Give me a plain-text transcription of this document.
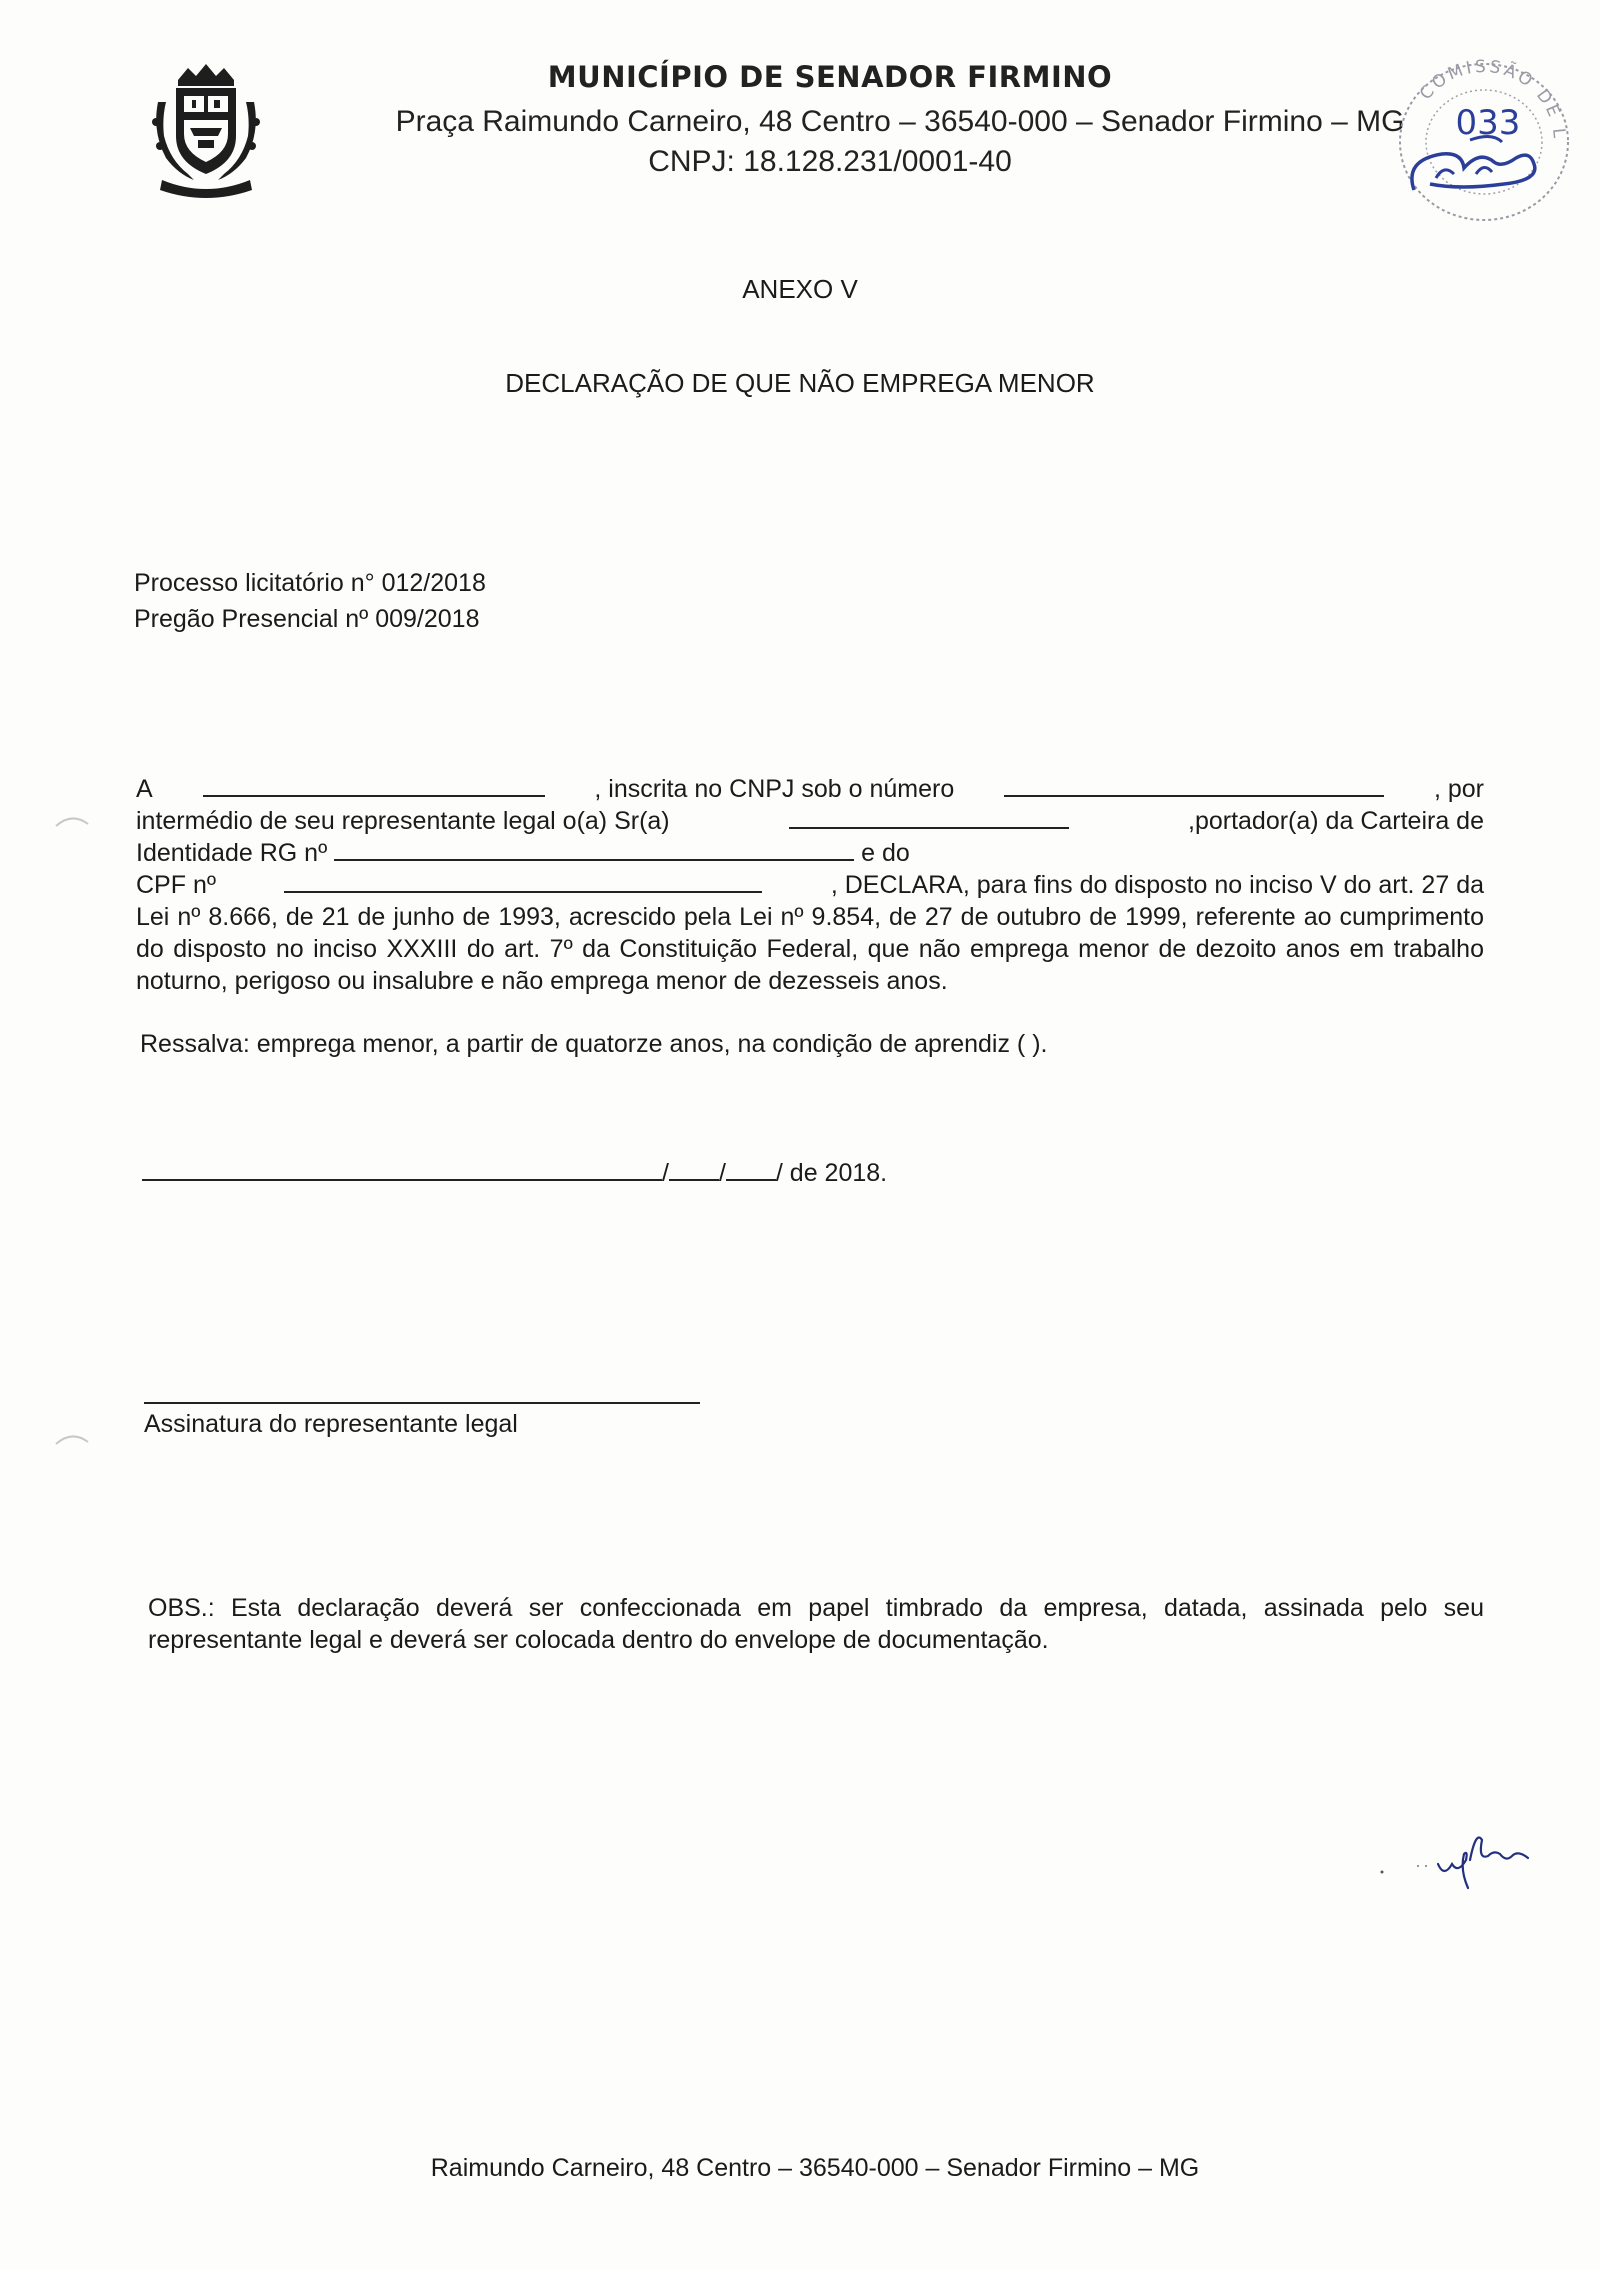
MUNICÍPIO DE SENADOR FIRMINO
Praça Raimundo Carneiro, 48 Centro – 36540-000 – Senador Firmino – MG
CNPJ: 18.128.231/0001-40
COMISSÃO DE L
033
ANEXO V
DECLARAÇÃO DE QUE NÃO EMPREGA MENOR
Processo licitatório n° 012/2018
Pregão Presencial nº 009/2018
A	, inscrita no CNPJ sob o número	, por
intermédio de seu representante legal o(a) Sr(a)	,portador(a) da Carteira de
Identidade RG nº	e do
CPF nº	, DECLARA, para fins do disposto no inciso V do art. 27 da

Lei nº 8.666, de 21 de junho de 1993, acrescido pela Lei nº 9.854, de 27 de outubro de 1999, referente ao cumprimento do disposto no inciso XXXIII do art. 7º da Constituição Federal, que não emprega menor de dezoito anos em trabalho noturno, perigoso ou insalubre e não emprega menor de dezesseis anos.

Ressalva: emprega menor, a partir de quatorze anos, na condição de aprendiz ( ).
/ / / de 2018.
Assinatura do representante legal
OBS.: Esta declaração deverá ser confeccionada em papel timbrado da empresa, datada, assinada pelo seu representante legal e deverá ser colocada dentro do envelope de documentação.
Raimundo Carneiro, 48 Centro – 36540-000 – Senador Firmino – MG
